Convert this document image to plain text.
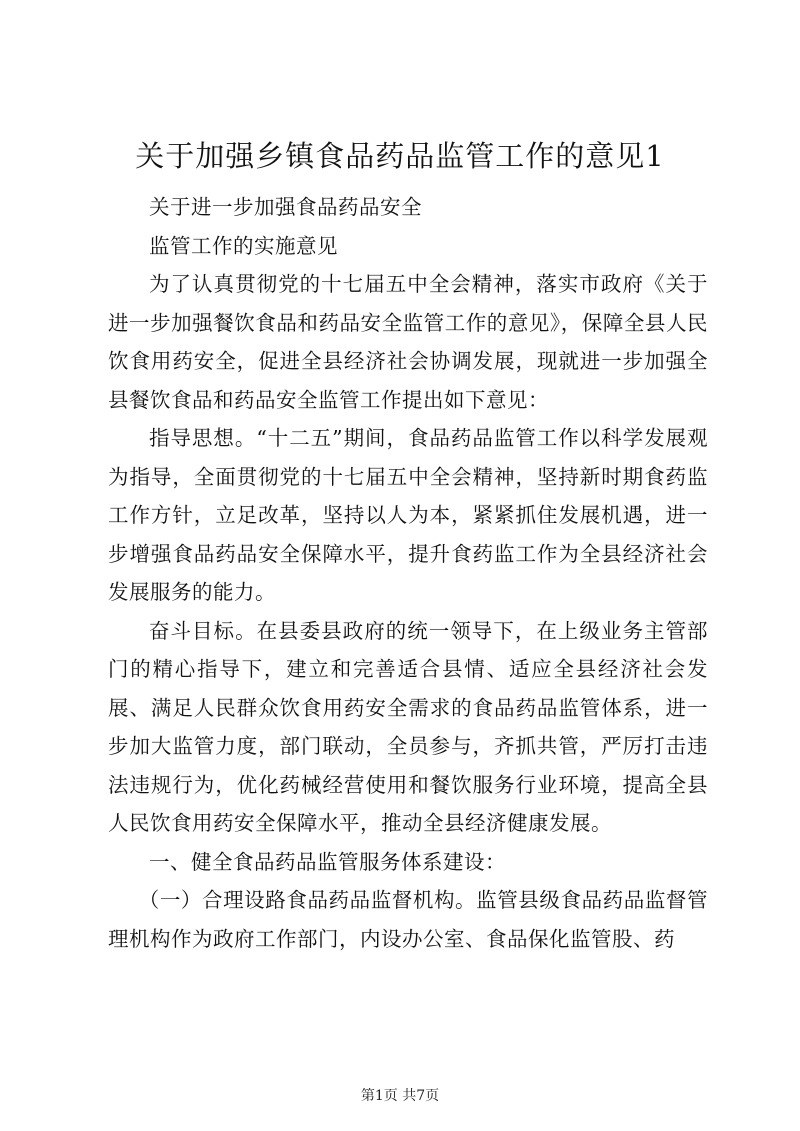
关于加强乡镇食品药品监管工作的意见1

关于进一步加强食品药品安全

监管工作的实施意见

为了认真贯彻党的十七届五中全会精神，落实市政府《关于进一步加强餐饮食品和药品安全监管工作的意见》，保障全县人民饮食用药安全，促进全县经济社会协调发展，现就进一步加强全县餐饮食品和药品安全监管工作提出如下意见：

指导思想。“十二五”期间，食品药品监管工作以科学发展观为指导，全面贯彻党的十七届五中全会精神，坚持新时期食药监工作方针，立足改革，坚持以人为本，紧紧抓住发展机遇，进一步增强食品药品安全保障水平，提升食药监工作为全县经济社会发展服务的能力。

奋斗目标。在县委县政府的统一领导下，在上级业务主管部门的精心指导下，建立和完善适合县情、适应全县经济社会发展、满足人民群众饮食用药安全需求的食品药品监管体系，进一步加大监管力度，部门联动，全员参与，齐抓共管，严厉打击违法违规行为，优化药械经营使用和餐饮服务行业环境，提高全县人民饮食用药安全保障水平，推动全县经济健康发展。

一、健全食品药品监管服务体系建设：

（一）合理设路食品药品监督机构。监管县级食品药品监督管理机构作为政府工作部门，内设办公室、食品保化监管股、药

第1页 共7页
